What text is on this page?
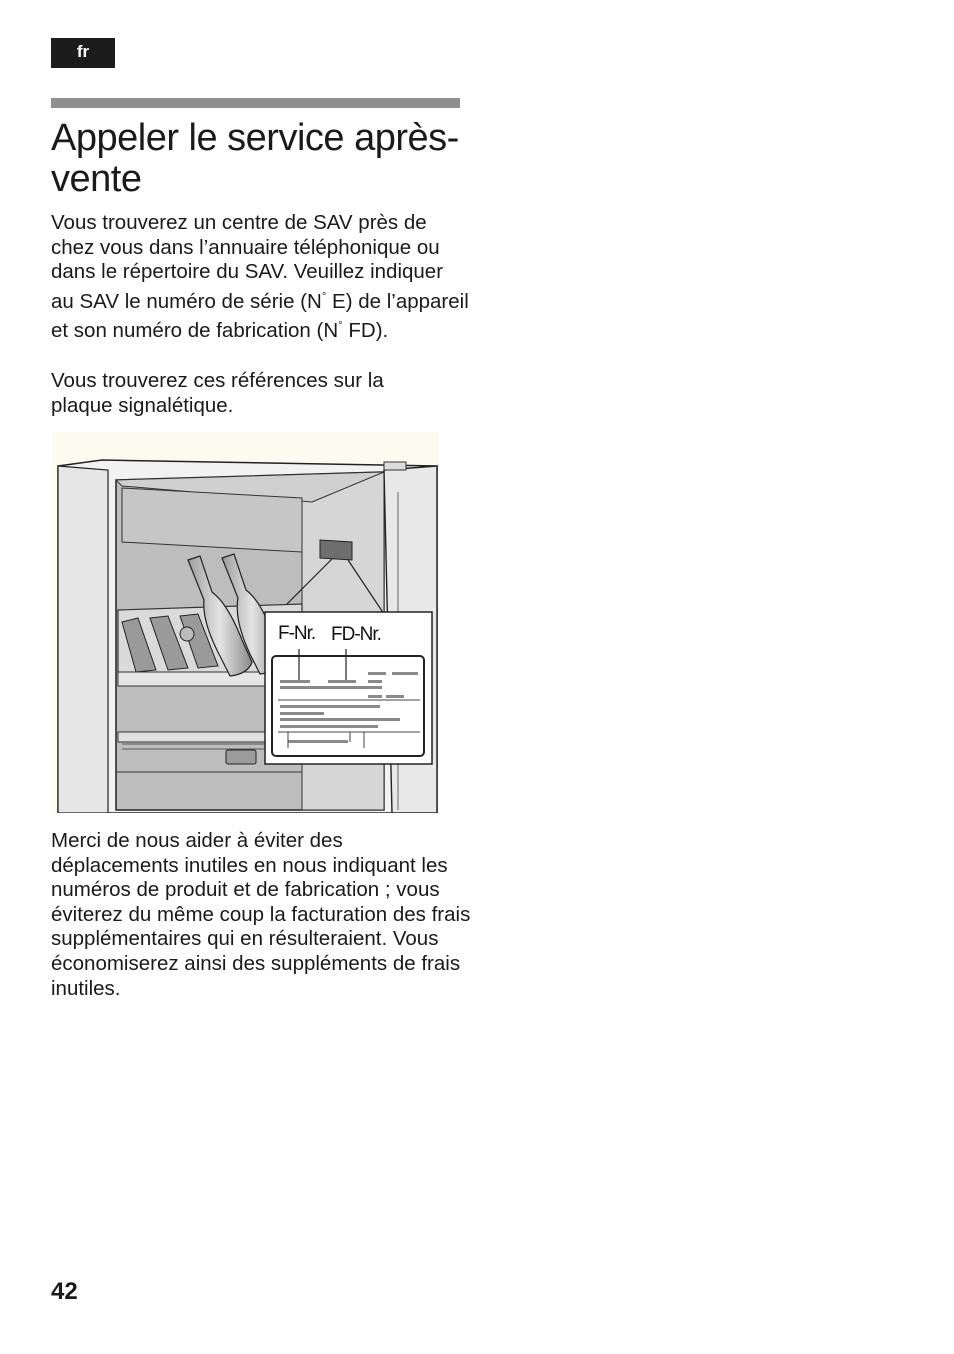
fr
Appeler le service après-vente

Vous trouverez un centre de SAV près de chez vous dans l’annuaire téléphonique ou dans le répertoire du SAV. Veuillez indiquer au SAV le numéro de série (N° E) de l’appareil et son numéro de fabrication (N° FD).

Vous trouverez ces références sur la plaque signalétique.

F-Nr. FD-Nr.

Merci de nous aider à éviter des déplacements inutiles en nous indiquant les numéros de produit et de fabrication ; vous éviterez du même coup la facturation des frais supplémentaires qui en résulteraient. Vous économiserez ainsi des suppléments de frais inutiles.

42
